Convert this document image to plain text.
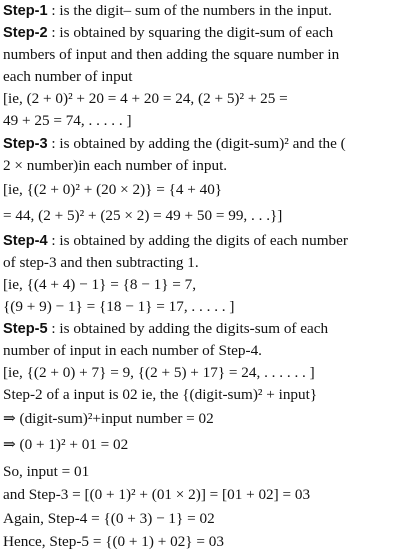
Step-1 : is the digit– sum of the numbers in the input.
Step-2 : is obtained by squaring the digit-sum of each
numbers of input and then adding the square number in
each number of input
[ie, (2 + 0)² + 20 = 4 + 20 = 24, (2 + 5)² + 25 =
49 + 25 = 74, . . . . . ]
Step-3 : is obtained by adding the (digit-sum)² and the (
2 × number)in each number of input.
[ie, {(2 + 0)² + (20 × 2)} = {4 + 40}
= 44, (2 + 5)² + (25 × 2) = 49 + 50 = 99, . . .}]
Step-4 : is obtained by adding the digits of each number
of step-3 and then subtracting 1.
[ie, {(4 + 4) − 1} = {8 − 1} = 7,
{(9 + 9) − 1} = {18 − 1} = 17, . . . . . ]
Step-5 : is obtained by adding the digits-sum of each
number of input in each number of Step-4.
[ie, {(2 + 0) + 7} = 9, {(2 + 5) + 17} = 24, . . . . . . ]
Step-2 of a input is 02 ie, the {(digit-sum)² + input}
⇒ (digit-sum)²+input number = 02
⇒ (0 + 1)² + 01 = 02
So, input = 01
and Step-3 = [(0 + 1)² + (01 × 2)] = [01 + 02] = 03
Again, Step-4 = {(0 + 3) − 1} = 02
Hence, Step-5 = {(0 + 1) + 02} = 03
